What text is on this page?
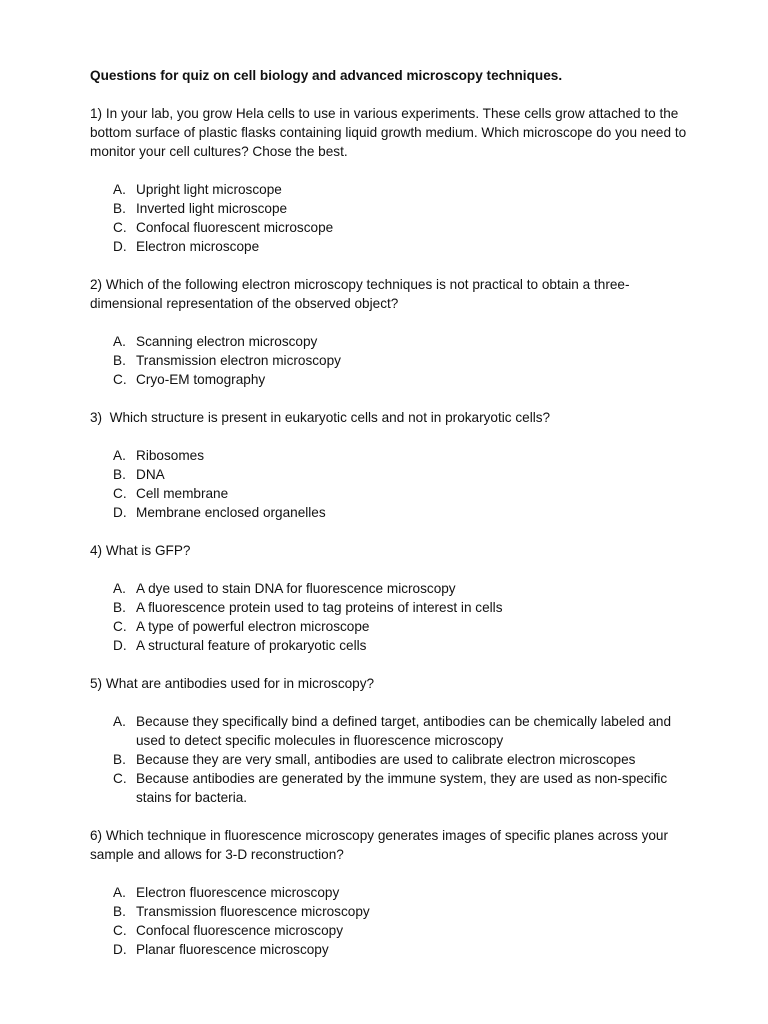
Questions for quiz on cell biology and advanced microscopy techniques.
1) In your lab, you grow Hela cells to use in various experiments. These cells grow attached to the bottom surface of plastic flasks containing liquid growth medium. Which microscope do you need to monitor your cell cultures? Chose the best.
A. Upright light microscope
B. Inverted light microscope
C. Confocal fluorescent microscope
D. Electron microscope
2) Which of the following electron microscopy techniques is not practical to obtain a three-dimensional representation of the observed object?
A. Scanning electron microscopy
B. Transmission electron microscopy
C. Cryo-EM tomography
3)  Which structure is present in eukaryotic cells and not in prokaryotic cells?
A. Ribosomes
B. DNA
C. Cell membrane
D. Membrane enclosed organelles
4) What is GFP?
A. A dye used to stain DNA for fluorescence microscopy
B. A fluorescence protein used to tag proteins of interest in cells
C. A type of powerful electron microscope
D. A structural feature of prokaryotic cells
5) What are antibodies used for in microscopy?
A. Because they specifically bind a defined target, antibodies can be chemically labeled and used to detect specific molecules in fluorescence microscopy
B. Because they are very small, antibodies are used to calibrate electron microscopes
C. Because antibodies are generated by the immune system, they are used as non-specific stains for bacteria.
6) Which technique in fluorescence microscopy generates images of specific planes across your sample and allows for 3-D reconstruction?
A. Electron fluorescence microscopy
B. Transmission fluorescence microscopy
C. Confocal fluorescence microscopy
D. Planar fluorescence microscopy
